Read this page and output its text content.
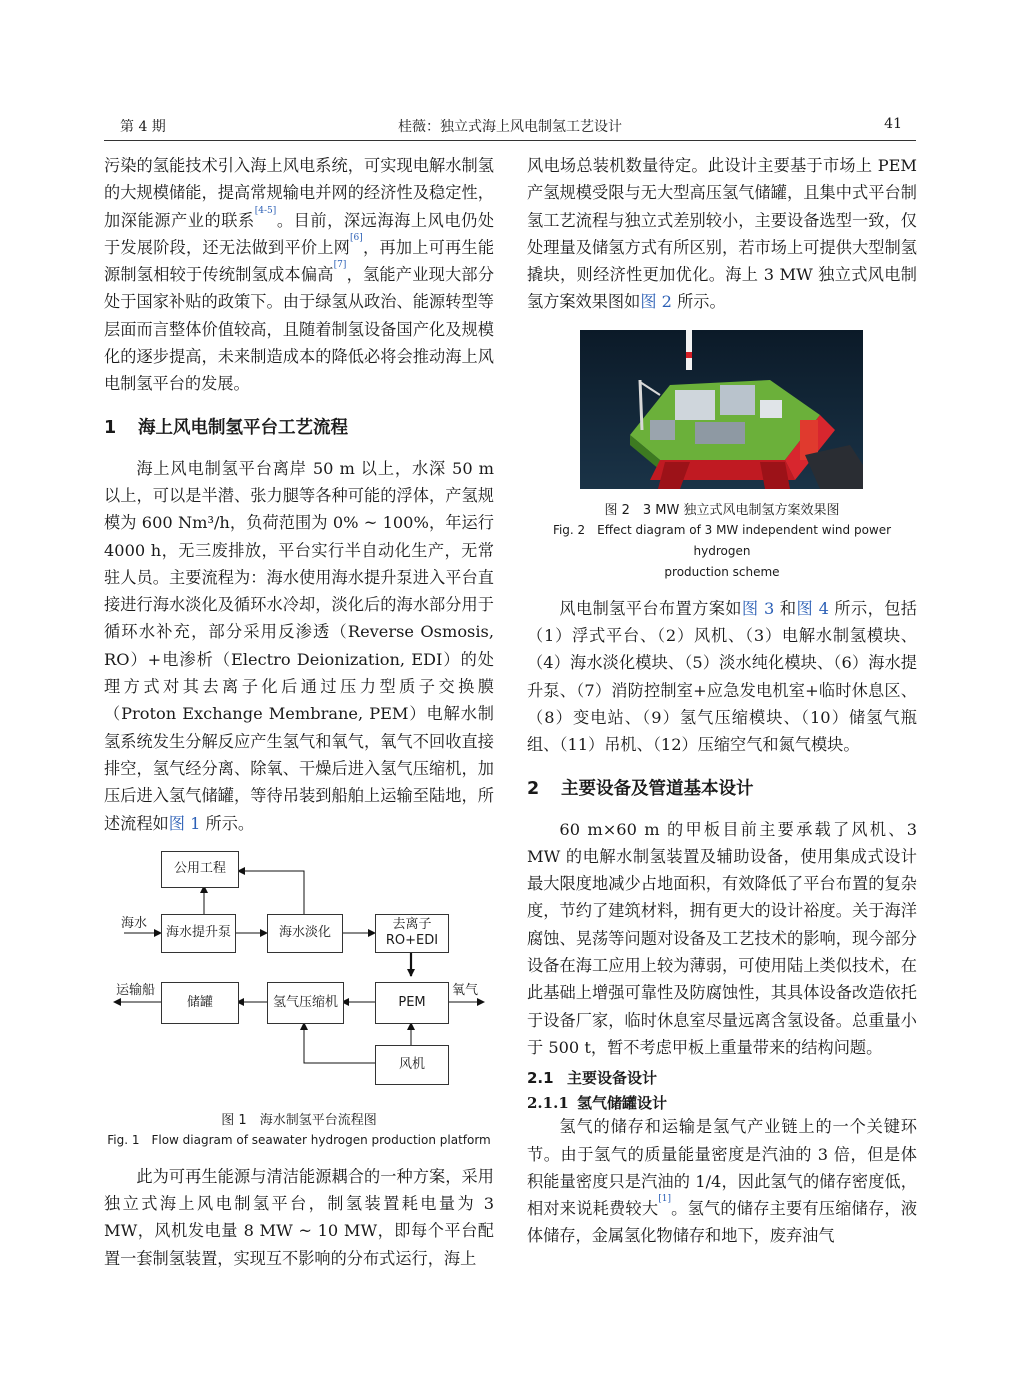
第 4 期	桂薇：独立式海上风电制氢工艺设计	41

污染的氢能技术引入海上风电系统，可实现电解水制氢的大规模储能，提高常规输电并网的经济性及稳定性，加深能源产业的联系[4-5]。目前，深远海海上风电仍处于发展阶段，还无法做到平价上网[6]，再加上可再生能源制氢相较于传统制氢成本偏高[7]，氢能产业现大部分处于国家补贴的政策下。由于绿氢从政治、能源转型等层面而言整体价值较高，且随着制氢设备国产化及规模化的逐步提高，未来制造成本的降低必将会推动海上风电制氢平台的发展。

1 海上风电制氢平台工艺流程

海上风电制氢平台离岸 50 m 以上，水深 50 m 以上，可以是半潜、张力腿等各种可能的浮体，产氢规模为 600 Nm³/h，负荷范围为 0% ~ 100%，年运行 4000 h，无三废排放，平台实行半自动化生产，无常驻人员。主要流程为：海水使用海水提升泵进入平台直接进行海水淡化及循环水冷却，淡化后的海水部分用于循环水补充，部分采用反渗透（Reverse Osmosis, RO）+电渗析（Electro Deionization, EDI）的处理方式对其去离子化后通过压力型质子交换膜（Proton Exchange Membrane, PEM）电解水制氢系统发生分解反应产生氢气和氧气，氧气不回收直接排空，氢气经分离、除氧、干燥后进入氢气压缩机，加压后进入氢气储罐，等待吊装到船舶上运输至陆地，所述流程如图 1 所示。

公用工程
海水
海水提升泵	海水淡化
去离子
RO+EDI
运输船
储罐	氢气压缩机	PEM
氧气
风机
图 1　海水制氢平台流程图
Fig. 1　Flow diagram of seawater hydrogen production platform

此为可再生能源与清洁能源耦合的一种方案，采用独立式海上风电制氢平台，制氢装置耗电量为 3 MW，风机发电量 8 MW ~ 10 MW，即每个平台配置一套制氢装置，实现互不影响的分布式运行，海上

风电场总装机数量待定。此设计主要基于市场上 PEM 产氢规模受限与无大型高压氢气储罐，且集中式平台制氢工艺流程与独立式差别较小，主要设备选型一致，仅处理量及储氢方式有所区别，若市场上可提供大型制氢撬块，则经济性更加优化。海上 3 MW 独立式风电制氢方案效果图如图 2 所示。

图 2　3 MW 独立式风电制氢方案效果图
Fig. 2　Effect diagram of 3 MW independent wind power hydrogen
production scheme

风电制氢平台布置方案如图 3 和图 4 所示，包括（1）浮式平台、（2）风机、（3）电解水制氢模块、（4）海水淡化模块、（5）淡水纯化模块、（6）海水提升泵、（7）消防控制室+应急发电机室+临时休息区、（8）变电站、（9）氢气压缩模块、（10）储氢气瓶组、（11）吊机、（12）压缩空气和氮气模块。

2 主要设备及管道基本设计

60 m×60 m 的甲板目前主要承载了风机、3 MW 的电解水制氢装置及辅助设备，使用集成式设计最大限度地减少占地面积，有效降低了平台布置的复杂度，节约了建筑材料，拥有更大的设计裕度。关于海洋腐蚀、晃荡等问题对设备及工艺技术的影响，现今部分设备在海工应用上较为薄弱，可使用陆上类似技术，在此基础上增强可靠性及防腐蚀性，其具体设备改造依托于设备厂家，临时休息室尽量远离含氢设备。总重量小于 500 t，暂不考虑甲板上重量带来的结构问题。

2.1 主要设备设计
2.1.1 氢气储罐设计

氢气的储存和运输是氢气产业链上的一个关键环节。由于氢气的质量能量密度是汽油的 3 倍，但是体积能量密度只是汽油的 1/4，因此氢气的储存密度低，相对来说耗费较大[1]。氢气的储存主要有压缩储存，液体储存，金属氢化物储存和地下，废弃油气
